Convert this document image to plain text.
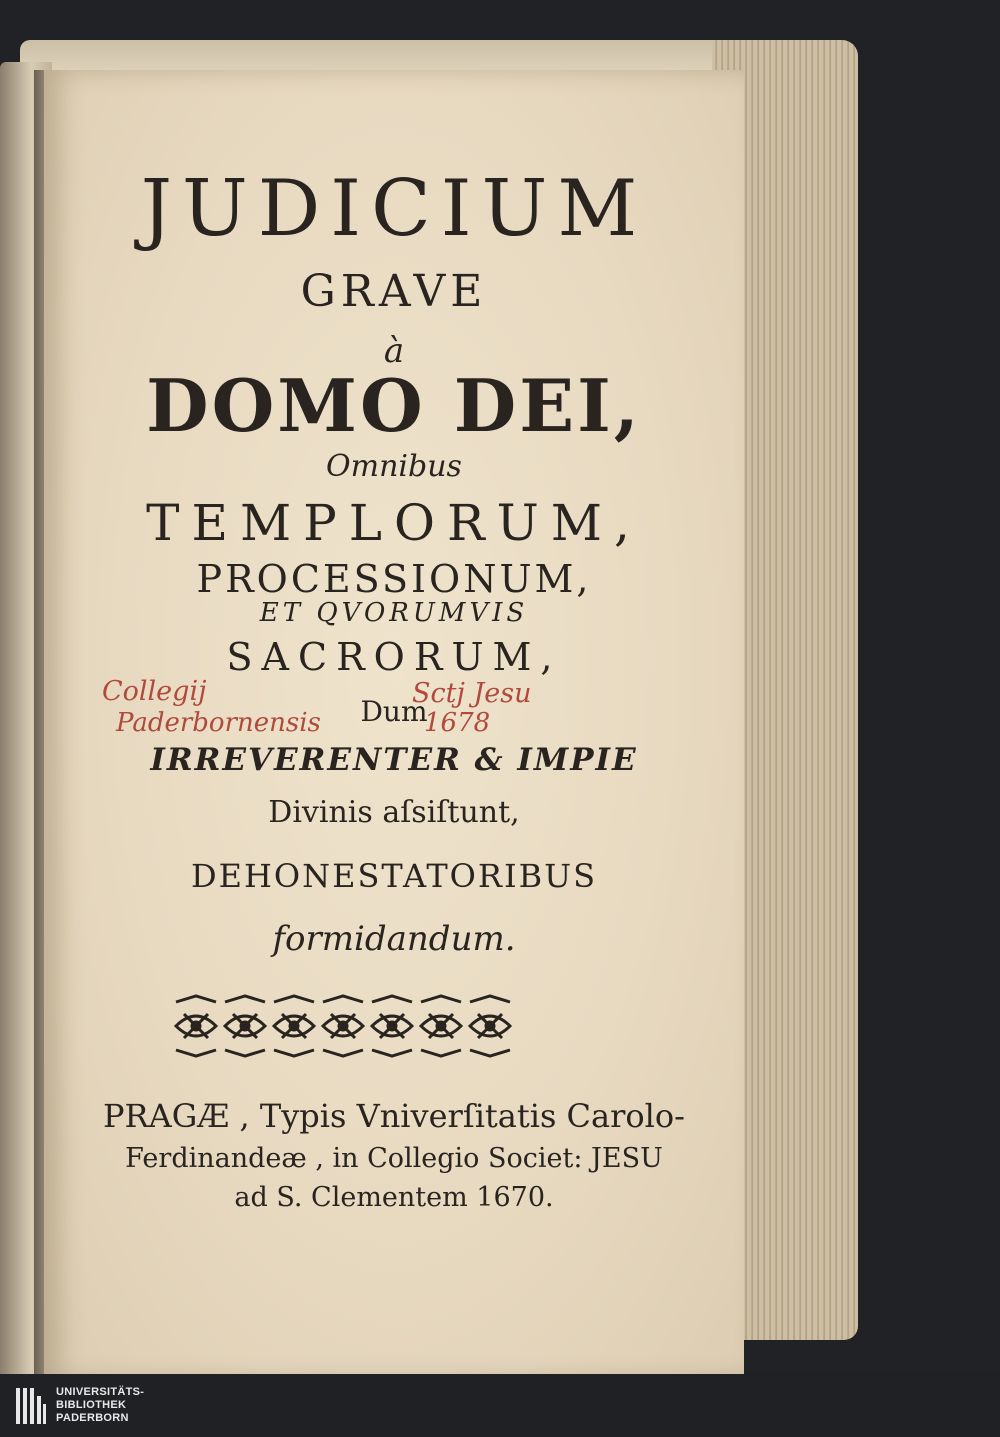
JUDICIUM

GRAVE

à

DOMO DEI,

Omnibus

TEMPLORUM,

PROCESSIONUM,

ET QVORUMVIS

SACRORUM,

Dum

IRREVERENTER & IMPIE

Divinis aſsiſtunt,

DEHONESTATORIBUS

formidandum.

Collegij	Sctj Jesu
Paderbornensis	1678

PRAGÆ , Typis Vniverſitatis Carolo-

Ferdinandeæ , in Collegio Societ: JESU

ad S. Clementem 1670.

UNIVERSITÄTS-
BIBLIOTHEK
PADERBORN
